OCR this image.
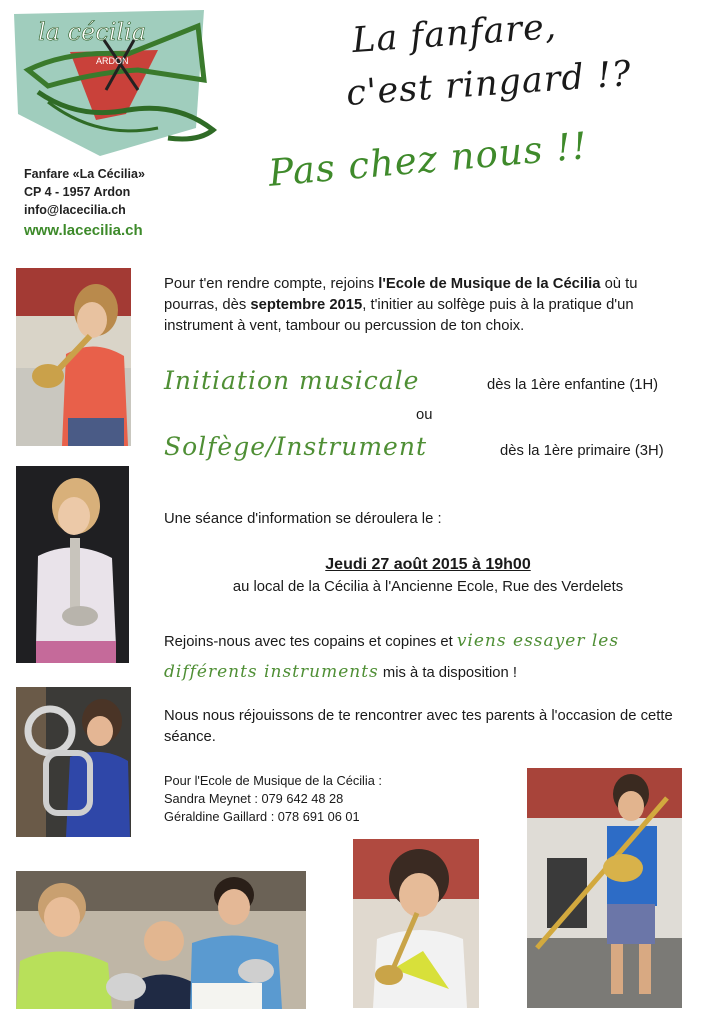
la cécilia
ARDON
Fanfare «La Cécilia»
CP 4 - 1957 Ardon
info@lacecilia.ch
www.lacecilia.ch
La fanfare,
c'est ringard !?
Pas chez nous !!
Pour t'en rendre compte, rejoins l'Ecole de Musique de la Cécilia où tu pourras, dès septembre 2015, t'initier au solfège puis à la pratique d'un instrument à vent, tambour ou percussion de ton choix.
Initiation musicale	dès la 1ère enfantine (1H)
ou
Solfège/Instrument	dès la 1ère primaire (3H)
Une séance d'information se déroulera le :
Jeudi 27 août 2015 à 19h00
au local de la Cécilia à l'Ancienne Ecole, Rue des Verdelets
Rejoins-nous avec tes copains et copines et viens essayer les différents instruments mis à ta disposition !
Nous nous réjouissons de te rencontrer avec tes parents à l'occasion de cette séance.
Pour l'Ecole de Musique de la Cécilia :
Sandra Meynet : 079 642 48 28
Géraldine Gaillard : 078 691 06 01
